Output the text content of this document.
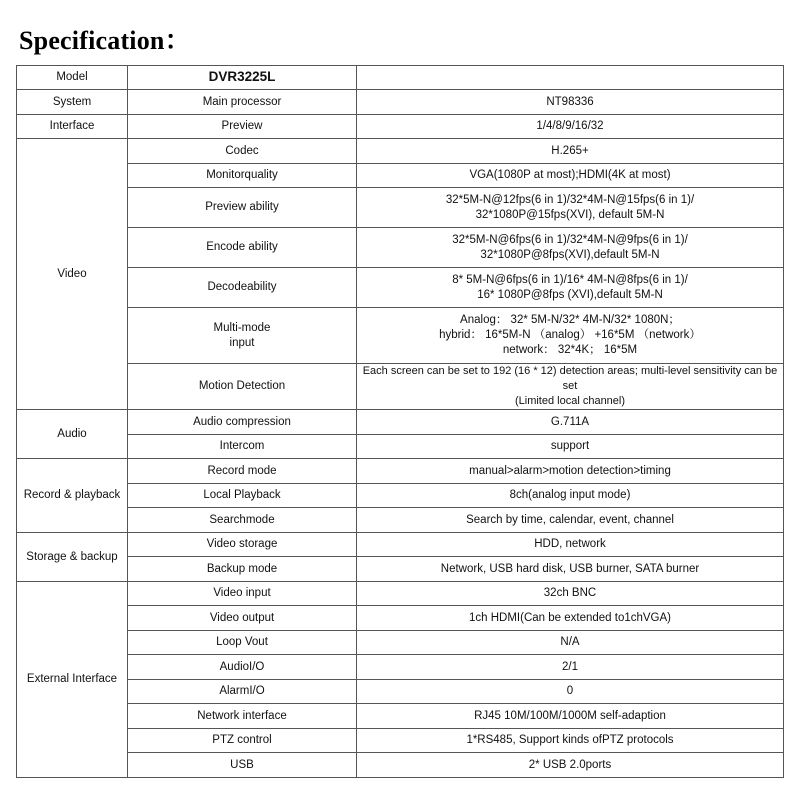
Specification：
Model	DVR3225L	
System	Main processor	NT98336
Interface	Preview	1/4/8/9/16/32
Video	Codec	H.265+
	Monitorquality	VGA(1080P at most);HDMI(4K at most)
	Preview ability	32*5M-N@12fps(6 in 1)/32*4M-N@15fps(6 in 1)/
32*1080P@15fps(XVI), default 5M-N

	Encode ability	32*5M-N@6fps(6 in 1)/32*4M-N@9fps(6 in 1)/
32*1080P@8fps(XVI),default 5M-N

	Decodeability	8* 5M-N@6fps(6 in 1)/16* 4M-N@8fps(6 in 1)/
16* 1080P@8fps (XVI),default 5M-N

	Multi-mode
input	Analog： 32* 5M-N/32* 4M-N/32* 1080N；
hybrid： 16*5M-N （analog） +16*5M （network）
network： 32*4K； 16*5M

	Motion Detection	Each screen can be set to 192 (16 * 12) detection areas; multi-level sensitivity can be set
(Limited local channel)

Audio	Audio compression	G.711A
	Intercom	support
Record & playback	Record mode	manual>alarm>motion detection>timing
	Local Playback	8ch(analog input mode)
	Searchmode	Search by time, calendar, event, channel
Storage & backup	Video storage	HDD, network
	Backup mode	Network, USB hard disk, USB burner, SATA burner
External Interface	Video input	32ch BNC
	Video output	1ch HDMI(Can be extended to1chVGA)
	Loop Vout	N/A
	AudioI/O	2/1
	AlarmI/O	0
	Network interface	RJ45 10M/100M/1000M self-adaption
	PTZ control	1*RS485, Support kinds ofPTZ protocols
	USB	2* USB 2.0ports
